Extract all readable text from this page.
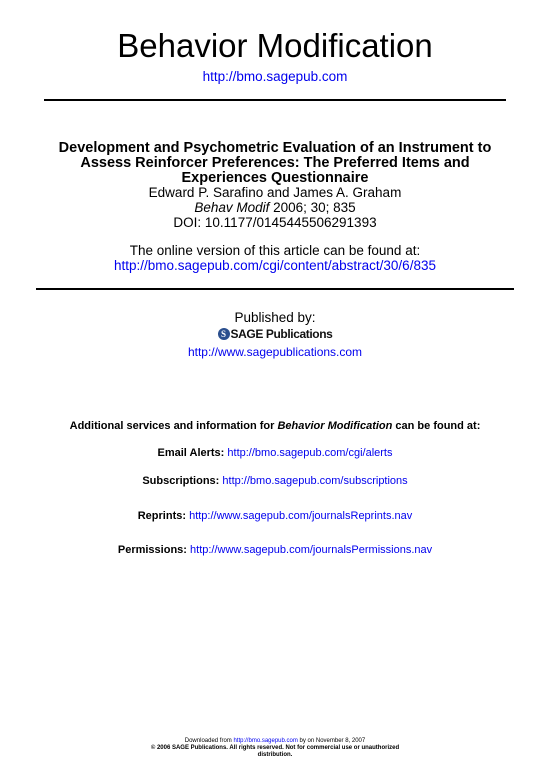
Behavior Modification
http://bmo.sagepub.com
Development and Psychometric Evaluation of an Instrument to
Assess Reinforcer Preferences: The Preferred Items and
Experiences Questionnaire
Edward P. Sarafino and James A. Graham
Behav Modif 2006; 30; 835
DOI: 10.1177/0145445506291393
The online version of this article can be found at:
http://bmo.sagepub.com/cgi/content/abstract/30/6/835
Published by:
S SAGE Publications
http://www.sagepublications.com
Additional services and information for Behavior Modification can be found at:
Email Alerts: http://bmo.sagepub.com/cgi/alerts
Subscriptions: http://bmo.sagepub.com/subscriptions
Reprints: http://www.sagepub.com/journalsReprints.nav
Permissions: http://www.sagepub.com/journalsPermissions.nav
Downloaded from http://bmo.sagepub.com by on November 8, 2007
© 2006 SAGE Publications. All rights reserved. Not for commercial use or unauthorized
distribution.
